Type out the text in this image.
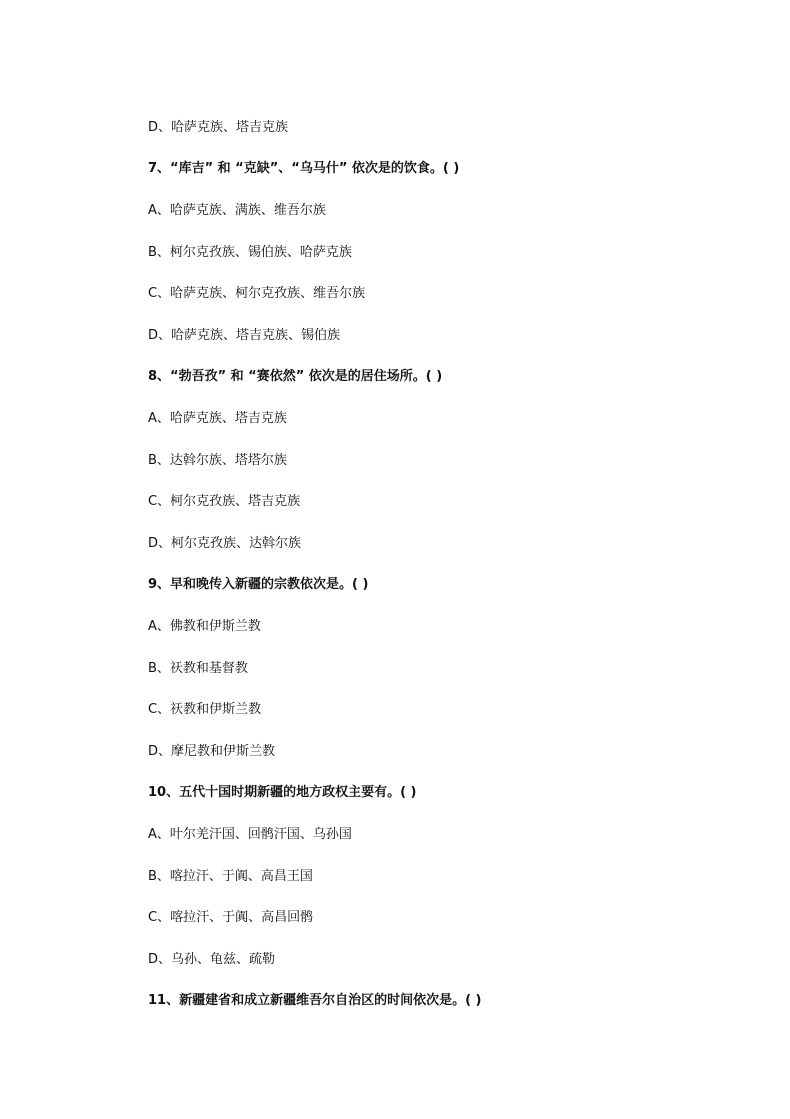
D、哈萨克族、塔吉克族
7、“库吉” 和 “克缺”、“乌马什” 依次是的饮食。( )
A、哈萨克族、满族、维吾尔族
B、柯尔克孜族、锡伯族、哈萨克族
C、哈萨克族、柯尔克孜族、维吾尔族
D、哈萨克族、塔吉克族、锡伯族
8、“勃吾孜” 和 “赛依然” 依次是的居住场所。( )
A、哈萨克族、塔吉克族
B、达斡尔族、塔塔尔族
C、柯尔克孜族、塔吉克族
D、柯尔克孜族、达斡尔族
9、早和晚传入新疆的宗教依次是。( )
A、佛教和伊斯兰教
B、祆教和基督教
C、祆教和伊斯兰教
D、摩尼教和伊斯兰教
10、五代十国时期新疆的地方政权主要有。( )
A、叶尔羌汗国、回鹘汗国、乌孙国
B、喀拉汗、于阗、高昌王国
C、喀拉汗、于阗、高昌回鹘
D、乌孙、龟兹、疏勒
11、新疆建省和成立新疆维吾尔自治区的时间依次是。( )
